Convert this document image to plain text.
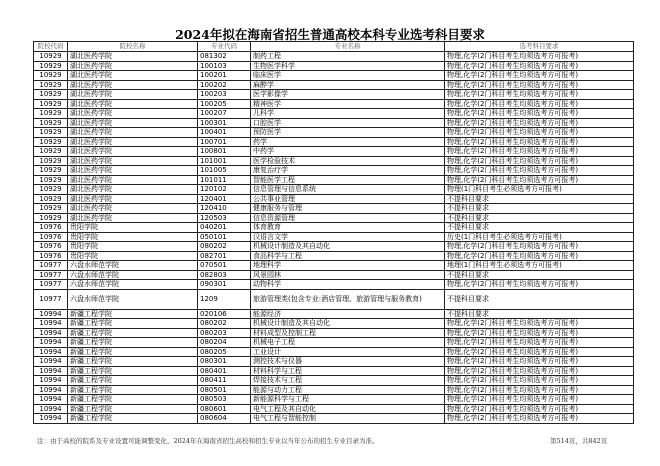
2024年拟在海南省招生普通高校本科专业选考科目要求
院校代码	院校名称	专业代码	专业名称	选考科目要求
10929	湖北医药学院	081302	制药工程	物理,化学(2门科目考生均须选考方可报考)
10929	湖北医药学院	100103	生物医学科学	物理,化学(2门科目考生均须选考方可报考)
10929	湖北医药学院	100201	临床医学	物理,化学(2门科目考生均须选考方可报考)
10929	湖北医药学院	100202	麻醉学	物理,化学(2门科目考生均须选考方可报考)
10929	湖北医药学院	100203	医学影像学	物理,化学(2门科目考生均须选考方可报考)
10929	湖北医药学院	100205	精神医学	物理,化学(2门科目考生均须选考方可报考)
10929	湖北医药学院	100207	儿科学	物理,化学(2门科目考生均须选考方可报考)
10929	湖北医药学院	100301	口腔医学	物理,化学(2门科目考生均须选考方可报考)
10929	湖北医药学院	100401	预防医学	物理,化学(2门科目考生均须选考方可报考)
10929	湖北医药学院	100701	药学	物理,化学(2门科目考生均须选考方可报考)
10929	湖北医药学院	100801	中药学	物理,化学(2门科目考生均须选考方可报考)
10929	湖北医药学院	101001	医学检验技术	物理,化学(2门科目考生均须选考方可报考)
10929	湖北医药学院	101005	康复治疗学	物理,化学(2门科目考生均须选考方可报考)
10929	湖北医药学院	101011	智能医学工程	物理,化学(2门科目考生均须选考方可报考)
10929	湖北医药学院	120102	信息管理与信息系统	物理(1门科目考生必须选考方可报考)
10929	湖北医药学院	120401	公共事业管理	不提科目要求
10929	湖北医药学院	120410	健康服务与管理	不提科目要求
10929	湖北医药学院	120503	信息资源管理	不提科目要求
10976	贵阳学院	040201	体育教育	不提科目要求
10976	贵阳学院	050101	汉语言文学	历史(1门科目考生必须选考方可报考)
10976	贵阳学院	080202	机械设计制造及其自动化	物理,化学(2门科目考生均须选考方可报考)
10976	贵阳学院	082701	食品科学与工程	物理,化学(2门科目考生均须选考方可报考)
10977	六盘水师范学院	070501	地理科学	地理(1门科目考生必须选考方可报考)
10977	六盘水师范学院	082803	风景园林	不提科目要求
10977	六盘水师范学院	090301	动物科学	物理,化学(2门科目考生均须选考方可报考)
10977	六盘水师范学院	1209	旅游管理类(包含专业:酒店管理、旅游管理与服务教育)	不提科目要求
10994	新疆工程学院	020106	能源经济	不提科目要求
10994	新疆工程学院	080202	机械设计制造及其自动化	物理,化学(2门科目考生均须选考方可报考)
10994	新疆工程学院	080203	材料成型及控制工程	物理,化学(2门科目考生均须选考方可报考)
10994	新疆工程学院	080204	机械电子工程	物理,化学(2门科目考生均须选考方可报考)
10994	新疆工程学院	080205	工业设计	物理,化学(2门科目考生均须选考方可报考)
10994	新疆工程学院	080301	测控技术与仪器	物理,化学(2门科目考生均须选考方可报考)
10994	新疆工程学院	080401	材料科学与工程	物理,化学(2门科目考生均须选考方可报考)
10994	新疆工程学院	080411	焊接技术与工程	物理,化学(2门科目考生均须选考方可报考)
10994	新疆工程学院	080501	能源与动力工程	物理,化学(2门科目考生均须选考方可报考)
10994	新疆工程学院	080503	新能源科学与工程	物理,化学(2门科目考生均须选考方可报考)
10994	新疆工程学院	080601	电气工程及其自动化	物理,化学(2门科目考生均须选考方可报考)
10994	新疆工程学院	080604	电气工程与智能控制	物理,化学(2门科目考生均须选考方可报考)
注：由于高校的院系及专业设置可能调整变化，2024年在海南省招生高校和招生专业以当年公布的招生专业目录为准。	第514页，共842页
